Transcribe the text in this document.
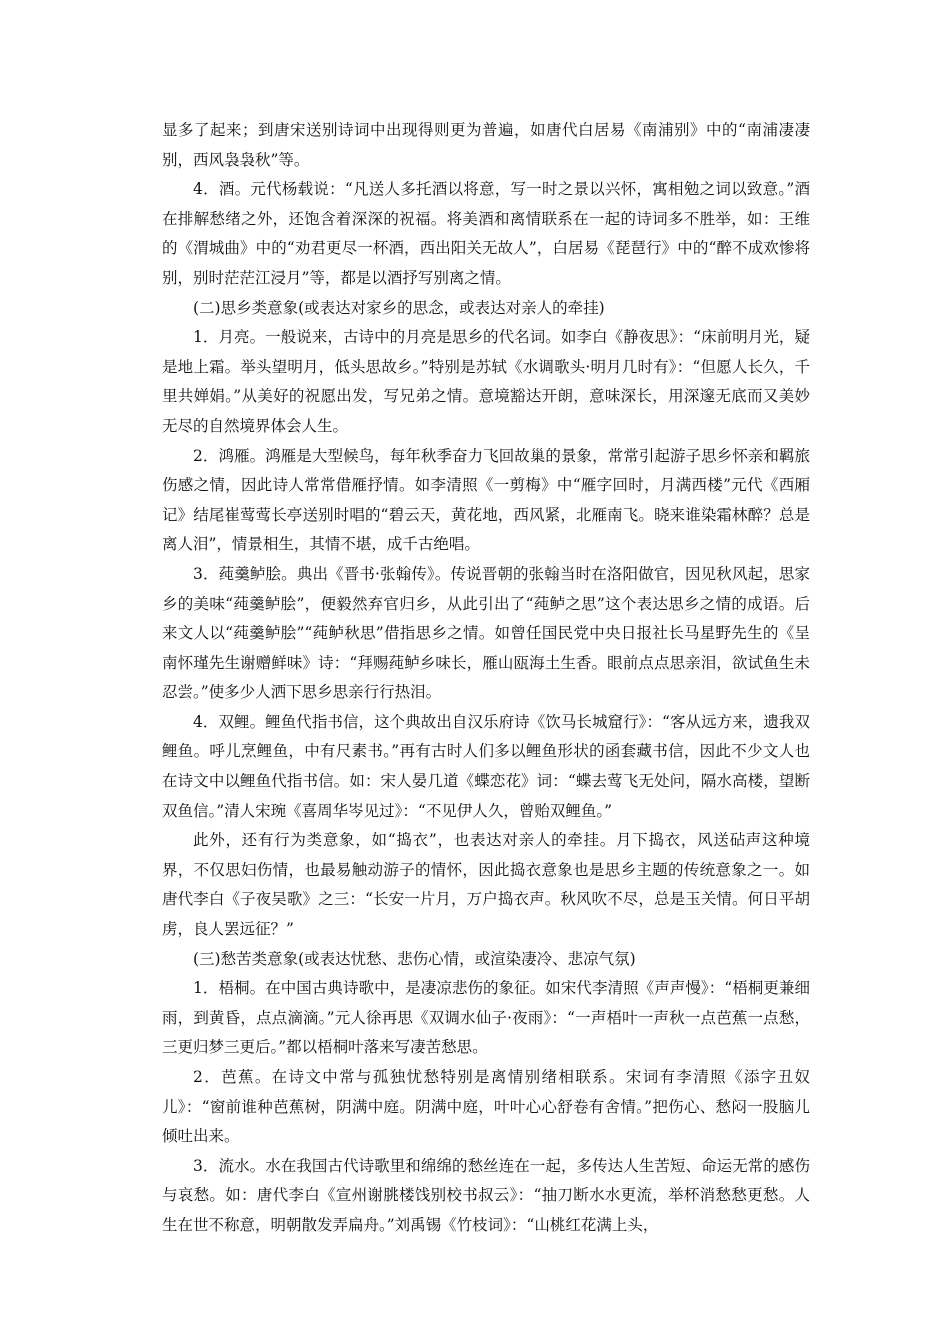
显多了起来；到唐宋送别诗词中出现得则更为普遍，如唐代白居易《南浦别》中的“南浦凄凄别，西风袅袅秋”等。

4．酒。元代杨载说：“凡送人多托酒以将意，写一时之景以兴怀，寓相勉之词以致意。”酒在排解愁绪之外，还饱含着深深的祝福。将美酒和离情联系在一起的诗词多不胜举，如：王维的《渭城曲》中的“劝君更尽一杯酒，西出阳关无故人”，白居易《琵琶行》中的“醉不成欢惨将别，别时茫茫江浸月”等，都是以酒抒写别离之情。

(二)思乡类意象(或表达对家乡的思念，或表达对亲人的牵挂)

1．月亮。一般说来，古诗中的月亮是思乡的代名词。如李白《静夜思》：“床前明月光，疑是地上霜。举头望明月，低头思故乡。”特别是苏轼《水调歌头·明月几时有》：“但愿人长久，千里共婵娟。”从美好的祝愿出发，写兄弟之情。意境豁达开朗，意味深长，用深邃无底而又美妙无尽的自然境界体会人生。

2．鸿雁。鸿雁是大型候鸟，每年秋季奋力飞回故巢的景象，常常引起游子思乡怀亲和羁旅伤感之情，因此诗人常常借雁抒情。如李清照《一剪梅》中“雁字回时，月满西楼”元代《西厢记》结尾崔莺莺长亭送别时唱的“碧云天，黄花地，西风紧，北雁南飞。晓来谁染霜林醉？总是离人泪”，情景相生，其情不堪，成千古绝唱。

3．莼羹鲈脍。典出《晋书·张翰传》。传说晋朝的张翰当时在洛阳做官，因见秋风起，思家乡的美味“莼羹鲈脍”，便毅然弃官归乡，从此引出了“莼鲈之思”这个表达思乡之情的成语。后来文人以“莼羹鲈脍”“莼鲈秋思”借指思乡之情。如曾任国民党中央日报社长马星野先生的《呈南怀瑾先生谢赠鲜味》诗：“拜赐莼鲈乡味长，雁山瓯海土生香。眼前点点思亲泪，欲试鱼生未忍尝。”使多少人洒下思乡思亲行行热泪。

4．双鲤。鲤鱼代指书信，这个典故出自汉乐府诗《饮马长城窟行》：“客从远方来，遗我双鲤鱼。呼儿烹鲤鱼，中有尺素书。”再有古时人们多以鲤鱼形状的函套藏书信，因此不少文人也在诗文中以鲤鱼代指书信。如：宋人晏几道《蝶恋花》词：“蝶去莺飞无处问，隔水高楼，望断双鱼信。”清人宋琬《喜周华岑见过》：“不见伊人久，曾贻双鲤鱼。”

此外，还有行为类意象，如“捣衣”，也表达对亲人的牵挂。月下捣衣，风送砧声这种境界，不仅思妇伤情，也最易触动游子的情怀，因此捣衣意象也是思乡主题的传统意象之一。如唐代李白《子夜吴歌》之三：“长安一片月，万户捣衣声。秋风吹不尽，总是玉关情。何日平胡虏，良人罢远征？”

(三)愁苦类意象(或表达忧愁、悲伤心情，或渲染凄冷、悲凉气氛)

1．梧桐。在中国古典诗歌中，是凄凉悲伤的象征。如宋代李清照《声声慢》：“梧桐更兼细雨，到黄昏，点点滴滴。”元人徐再思《双调水仙子·夜雨》：“一声梧叶一声秋一点芭蕉一点愁，三更归梦三更后。”都以梧桐叶落来写凄苦愁思。

2．芭蕉。在诗文中常与孤独忧愁特别是离情别绪相联系。宋词有李清照《添字丑奴儿》：“窗前谁种芭蕉树，阴满中庭。阴满中庭，叶叶心心舒卷有舍情。”把伤心、愁闷一股脑儿倾吐出来。

3．流水。水在我国古代诗歌里和绵绵的愁丝连在一起，多传达人生苦短、命运无常的感伤与哀愁。如：唐代李白《宣州谢朓楼饯别校书叔云》：“抽刀断水水更流，举杯消愁愁更愁。人生在世不称意，明朝散发弄扁舟。”刘禹锡《竹枝词》：“山桃红花满上头，
